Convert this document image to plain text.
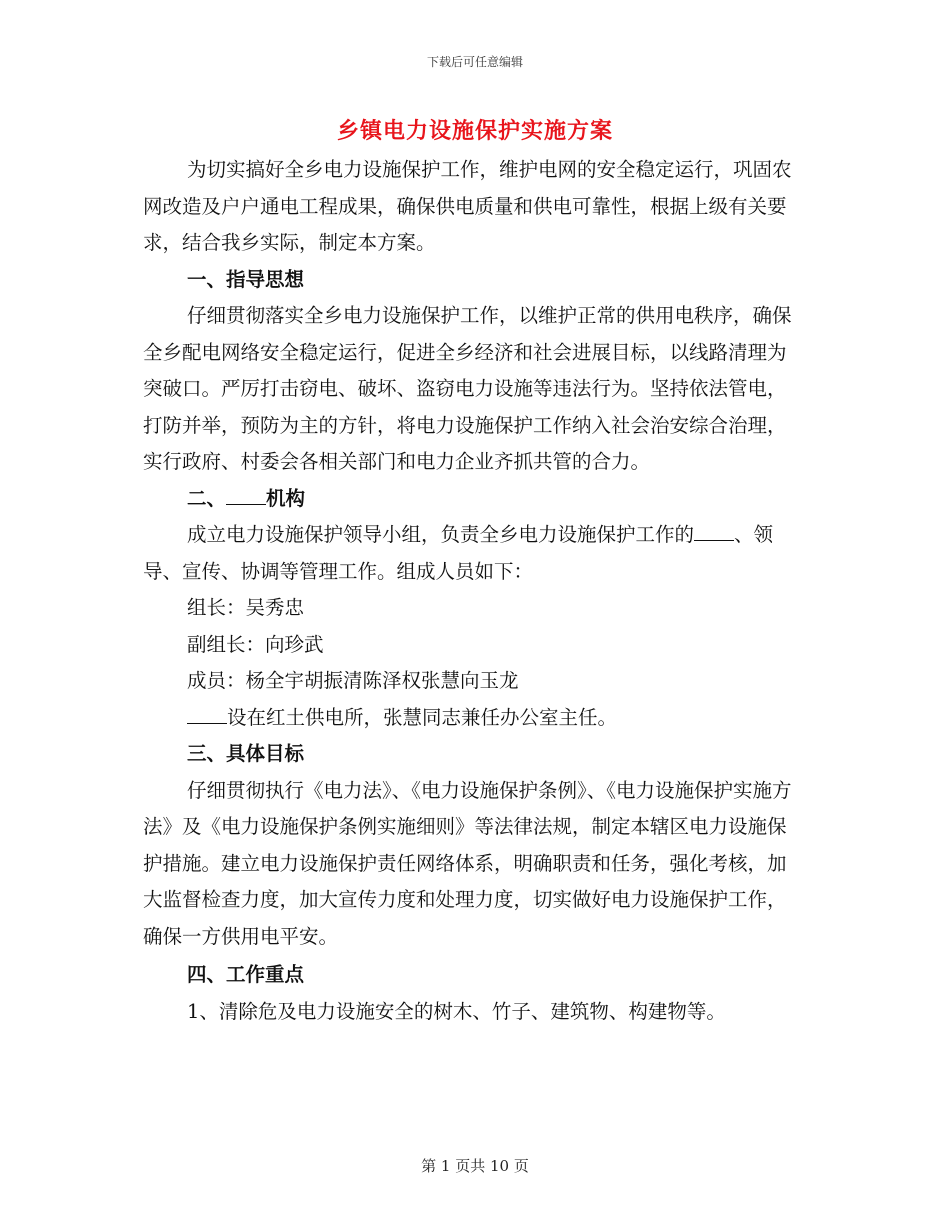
下载后可任意编辑
乡镇电力设施保护实施方案

为切实搞好全乡电力设施保护工作，维护电网的安全稳定运行，巩固农网改造及户户通电工程成果，确保供电质量和供电可靠性，根据上级有关要求，结合我乡实际，制定本方案。

一、指导思想

仔细贯彻落实全乡电力设施保护工作，以维护正常的供用电秩序，确保全乡配电网络安全稳定运行，促进全乡经济和社会进展目标，以线路清理为突破口。严厉打击窃电、破坏、盗窃电力设施等违法行为。坚持依法管电，打防并举，预防为主的方针，将电力设施保护工作纳入社会治安综合治理，实行政府、村委会各相关部门和电力企业齐抓共管的合力。

二、 机构

成立电力设施保护领导小组，负责全乡电力设施保护工作的 、领导、宣传、协调等管理工作。组成人员如下：

组长：吴秀忠

副组长：向珍武

成员：杨全宇胡振清陈泽权张慧向玉龙

设在红土供电所，张慧同志兼任办公室主任。

三、具体目标

仔细贯彻执行《电力法》、《电力设施保护条例》、《电力设施保护实施方法》及《电力设施保护条例实施细则》等法律法规，制定本辖区电力设施保护措施。建立电力设施保护责任网络体系，明确职责和任务，强化考核，加大监督检查力度，加大宣传力度和处理力度，切实做好电力设施保护工作，确保一方供用电平安。

四、工作重点

1、清除危及电力设施安全的树木、竹子、建筑物、构建物等。

第 1 页共 10 页
